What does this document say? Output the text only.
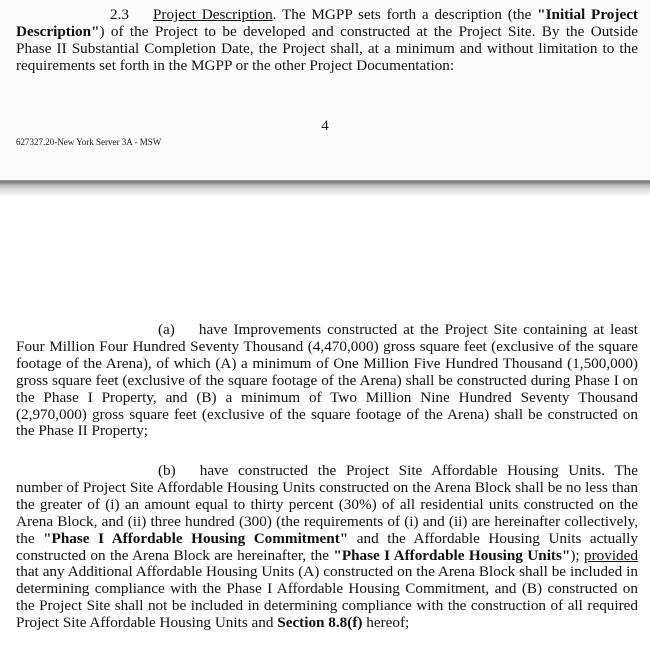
2.3 Project Description. The MGPP sets forth a description (the "Initial Project Description") of the Project to be developed and constructed at the Project Site. By the Outside Phase II Substantial Completion Date, the Project shall, at a minimum and without limitation to the requirements set forth in the MGPP or the other Project Documentation:

4
627327.20-New York Server 3A - MSW

(a) have Improvements constructed at the Project Site containing at least Four Million Four Hundred Seventy Thousand (4,470,000) gross square feet (exclusive of the square footage of the Arena), of which (A) a minimum of One Million Five Hundred Thousand (1,500,000) gross square feet (exclusive of the square footage of the Arena) shall be constructed during Phase I on the Phase I Property, and (B) a minimum of Two Million Nine Hundred Seventy Thousand (2,970,000) gross square feet (exclusive of the square footage of the Arena) shall be constructed on the Phase II Property;

(b) have constructed the Project Site Affordable Housing Units. The number of Project Site Affordable Housing Units constructed on the Arena Block shall be no less than the greater of (i) an amount equal to thirty percent (30%) of all residential units constructed on the Arena Block, and (ii) three hundred (300) (the requirements of (i) and (ii) are hereinafter collectively, the "Phase I Affordable Housing Commitment" and the Affordable Housing Units actually constructed on the Arena Block are hereinafter, the "Phase I Affordable Housing Units"); provided that any Additional Affordable Housing Units (A) constructed on the Arena Block shall be included in determining compliance with the Phase I Affordable Housing Commitment, and (B) constructed on the Project Site shall not be included in determining compliance with the construction of all required Project Site Affordable Housing Units and Section 8.8(f) hereof;
